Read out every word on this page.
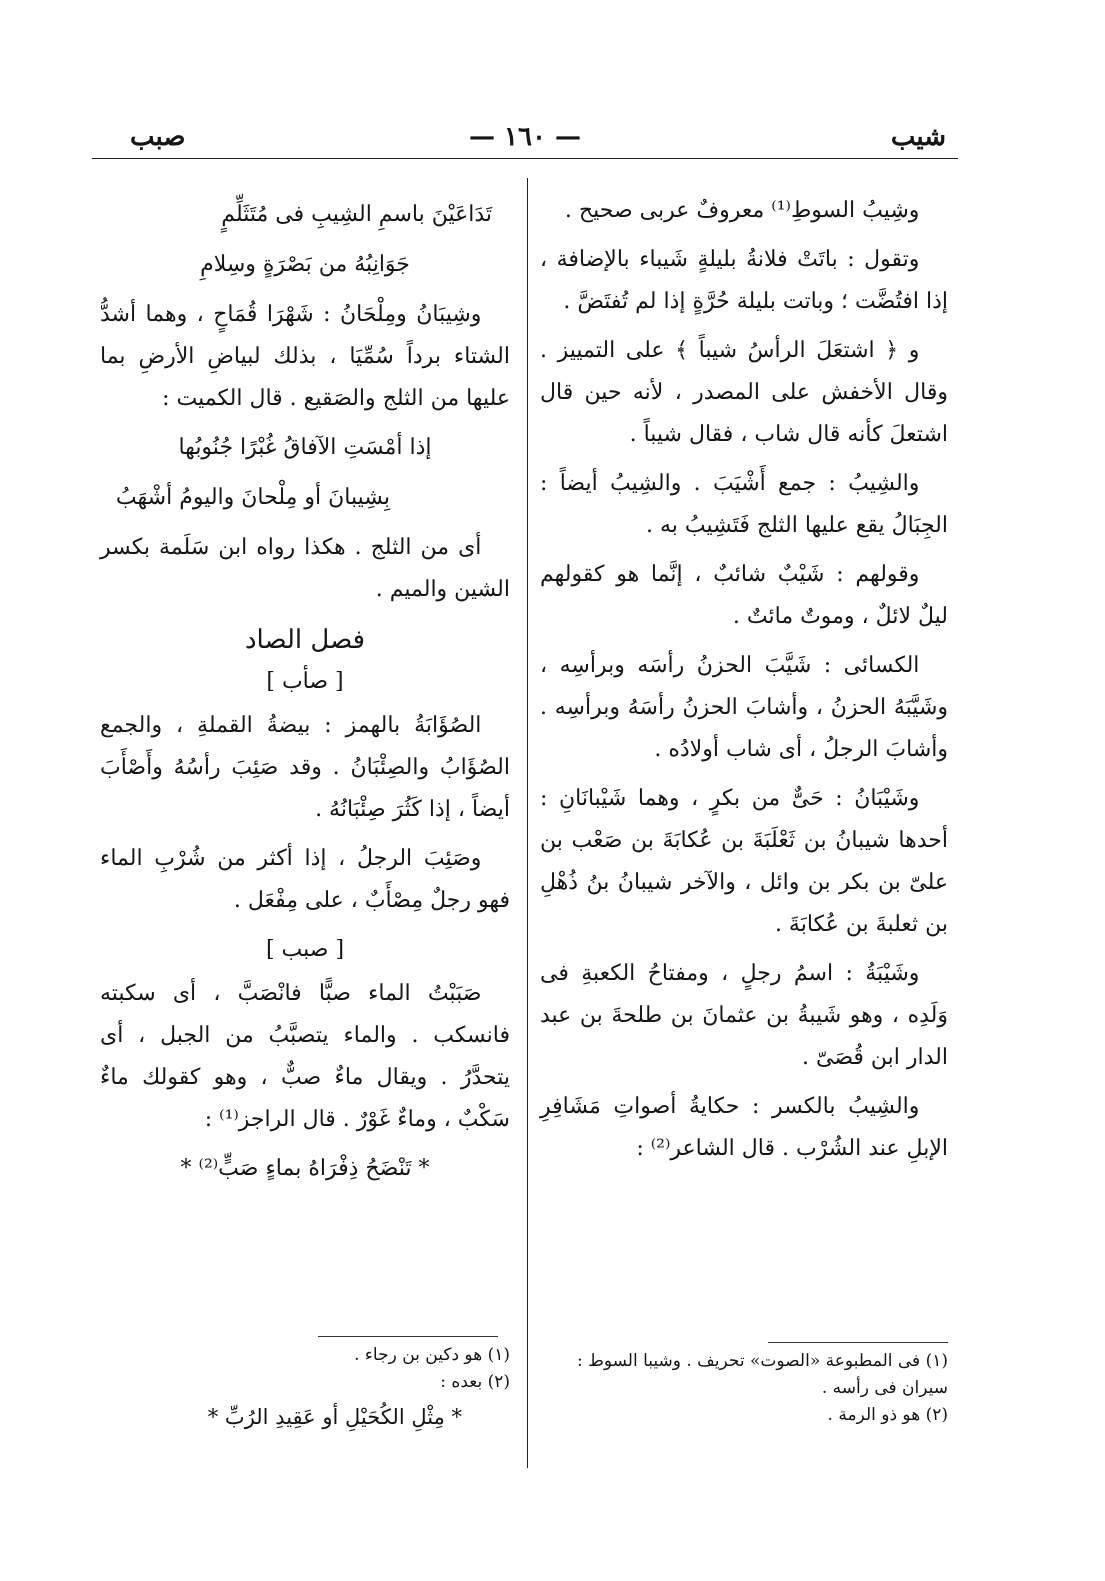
شيب
— ١٦٠ —
صبب

وشِيبُ السوطِ⁽¹⁾ معروفٌ عربى صحيح .

وتقول : باتَتْ فلانةُ بليلةٍ شَيباء بالإضافة ، إذا افتُضَّت ؛ وباتت بليلة حُرَّةٍ إذا لم تُفتَضَّ .

و ﴿ اشتعَلَ الرأسُ شيباً ﴾ على التمييز . وقال الأخفش على المصدر ، لأنه حين قال اشتعلَ كأنه قال شاب ، فقال شيباً .

والشِيبُ : جمع أَشْيَبَ . والشِيبُ أيضاً : الجِبَالُ يقع عليها الثلج فَتَشِيبُ به .

وقولهم : شَيْبٌ شائبٌ ، إنَّما هو كقولهم ليلٌ لائلٌ ، وموتٌ مائتٌ .

الكسائى : شَيَّبَ الحزنُ رأسَه وبرأسِه ، وشَيَّبَهُ الحزنُ ، وأشابَ الحزنُ رأسَهُ وبرأسِه . وأشابَ الرجلُ ، أى شاب أولادُه .

وشَيْبَانُ : حَىٌّ من بكرٍ ، وهما شَيْبانَانِ : أحدها شيبانُ بن ثَعْلَبَةَ بن عُكابَةَ بن صَعْب بن علىّ بن بكر بن وائل ، والآخر شيبانُ بنُ ذُهْلِ بن ثعلبةَ بن عُكابَةَ .

وشَيْبَةُ : اسمُ رجلٍ ، ومفتاحُ الكعبةِ فى وَلَدِه ، وهو شَيبةُ بن عثمانَ بن طلحةَ بن عبد الدار ابن قُصَىّ .

والشِيبُ بالكسر : حكايةُ أصواتِ مَشَافِرِ الإبلِ عند الشُرْب . قال الشاعر⁽²⁾ :

(١) فى المطبوعة «الصوت» تحريف . وشيبا السوط : سيران فى رأسه .

(٢) هو ذو الرمة .

تَدَاعَيْنَ باسمِ الشِيبِ فى مُتَثَلِّمٍ

جَوَانِبُهُ من بَصْرَةٍ وسِلامِ

وشِيبَانُ ومِلْحَانُ : شَهْرَا قُمَاحٍ ، وهما أشدُّ الشتاء برداً سُمِّيَا ، بذلك لبياضِ الأرضِ بما عليها من الثلج والصَقيع . قال الكميت :

إذا أمْسَتِ الآفاقُ غُبْرًا جُنُوبُها

بِشِيبانَ أو مِلْحانَ واليومُ أشْهَبُ

أى من الثلج . هكذا رواه ابن سَلَمة بكسر الشين والميم .

فصل الصاد

[ صأب ]

الصُؤَابَةُ بالهمز : بيضةُ القملةِ ، والجمع الصُؤَابُ والصِئْبَانُ . وقد صَئِبَ رأسُهُ وأَصْأَبَ أيضاً ، إذا كَثُرَ صِئْبَانُهُ .

وصَئِبَ الرجلُ ، إذا أكثر من شُرْبِ الماء فهو رجلٌ مِصْأَبٌ ، على مِفْعَل .

[ صبب ]

صَبَبْتُ الماء صبًّا فانْصَبَّ ، أى سكبته فانسكب . والماء يتصبَّبُ من الجبل ، أى يتحدَّرُ . ويقال ماءٌ صبٌّ ، وهو كقولك ماءٌ سَكْبٌ ، وماءٌ غَوْرٌ . قال الراجز⁽¹⁾ :

* تَنْضَحُ ذِفْرَاهُ بماءٍ صَبٍّ⁽²⁾ *

(١) هو دكين بن رجاء .

(٢) بعده :

* مِثْلِ الكُحَيْلِ أو عَقِيدِ الرُبِّ *
